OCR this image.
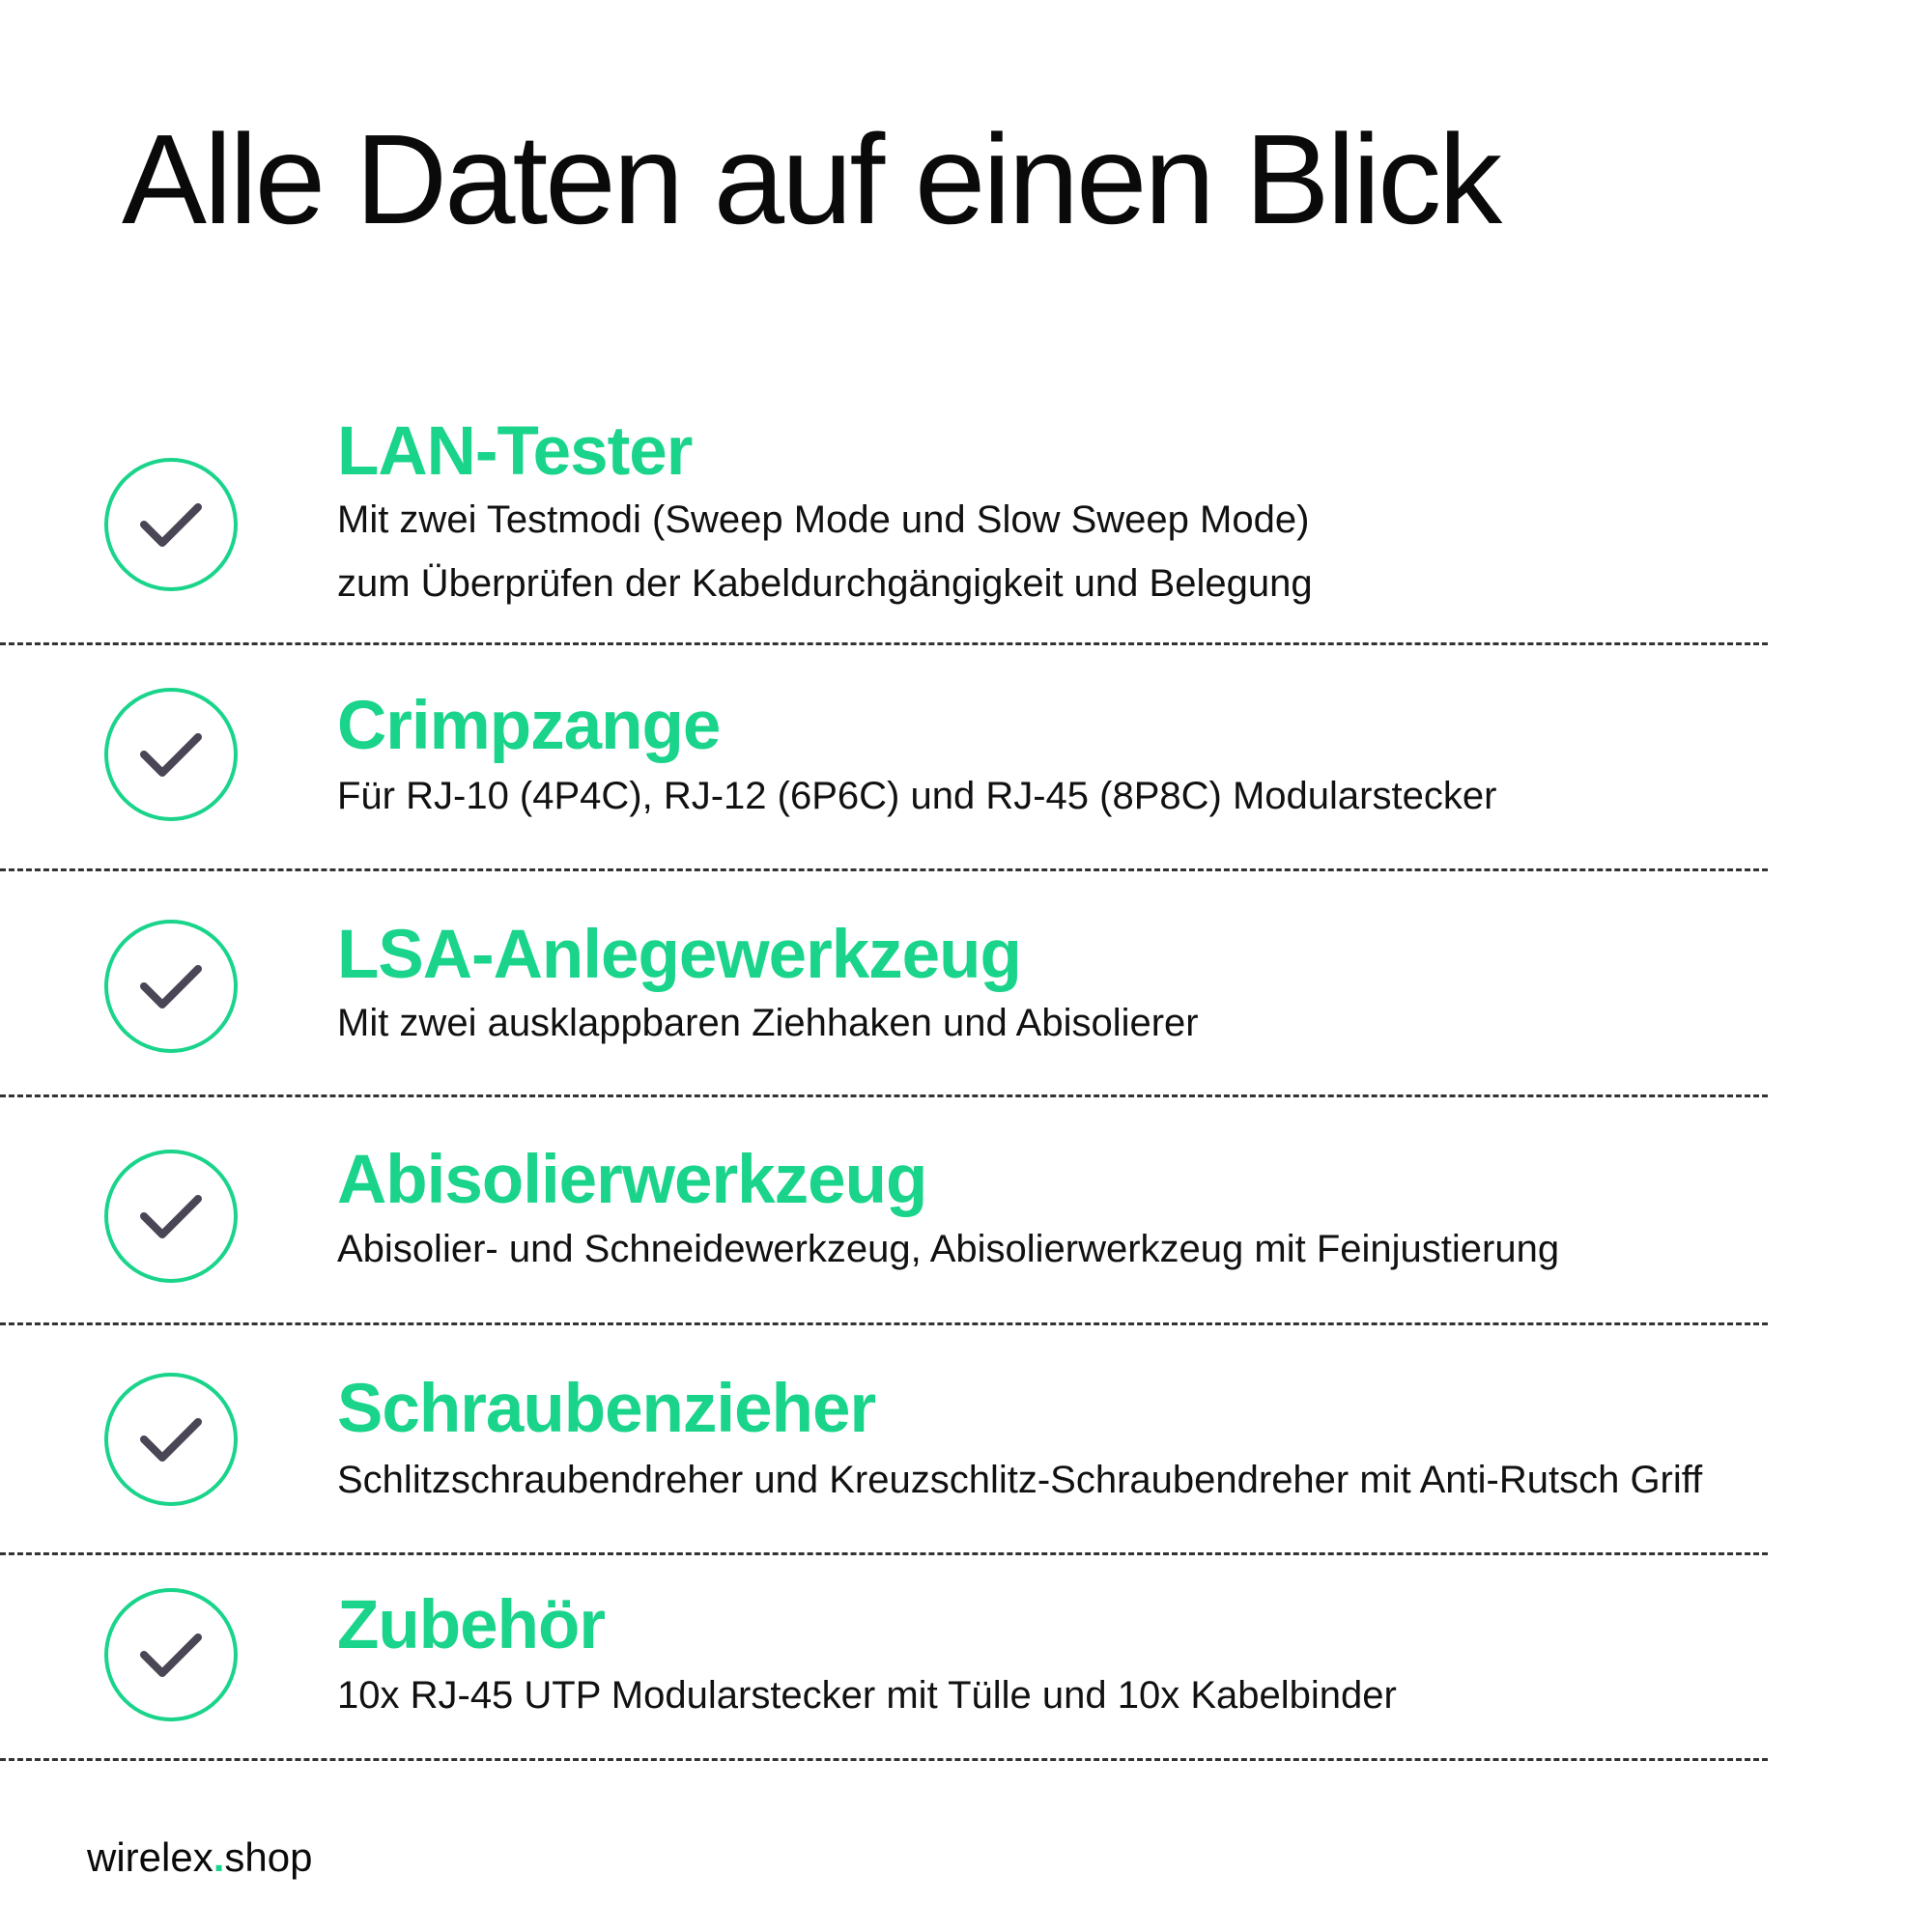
Alle Daten auf einen Blick
LAN-Tester

Mit zwei Testmodi (Sweep Mode und Slow Sweep Mode)

zum Überprüfen der Kabeldurchgängigkeit und Belegung

Crimpzange

Für RJ-10 (4P4C), RJ-12 (6P6C) und RJ-45 (8P8C) Modularstecker

LSA-Anlegewerkzeug

Mit zwei ausklappbaren Ziehhaken und Abisolierer

Abisolierwerkzeug

Abisolier- und Schneidewerkzeug, Abisolierwerkzeug mit Feinjustierung

Schraubenzieher

Schlitzschraubendreher und Kreuzschlitz-Schraubendreher mit Anti-Rutsch Griff

Zubehör

10x RJ-45 UTP Modularstecker mit Tülle und 10x Kabelbinder

wirelex.shop
